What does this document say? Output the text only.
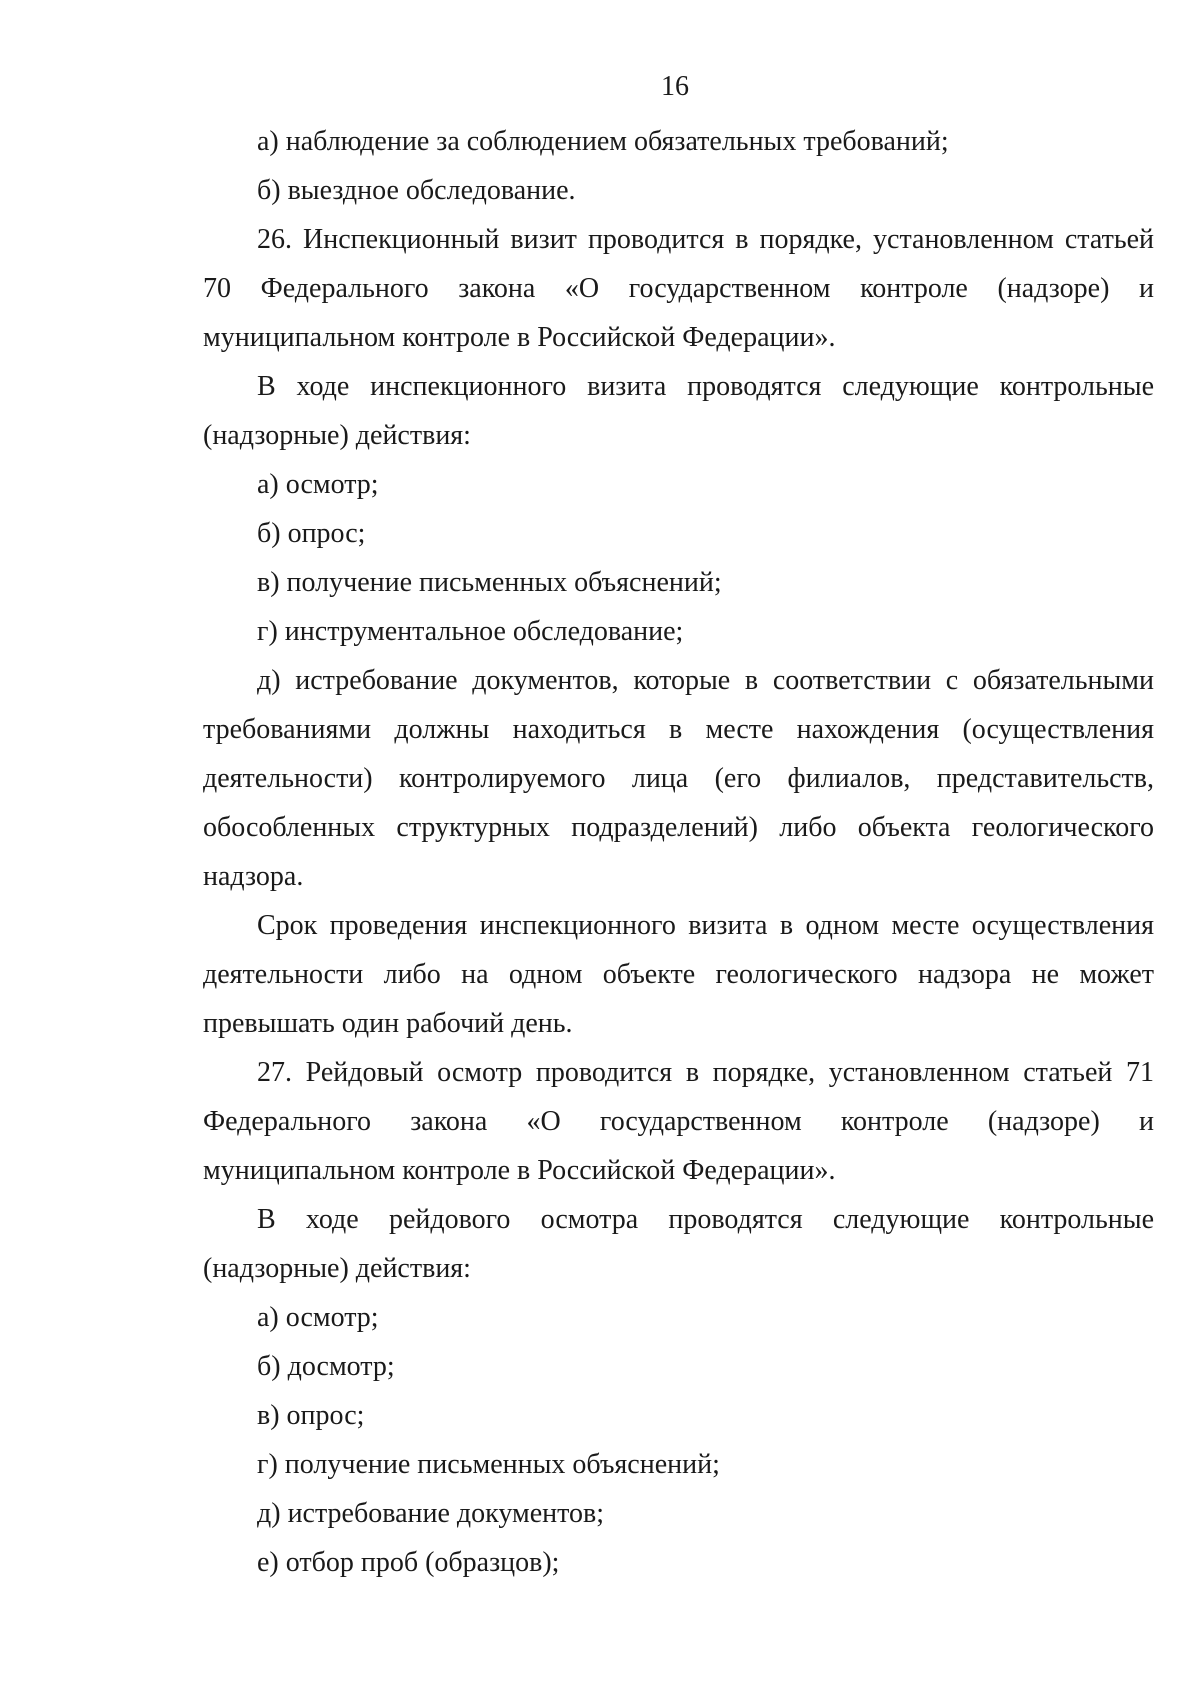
16

а) наблюдение за соблюдением обязательных требований;

б) выездное обследование.

26. Инспекционный визит проводится в порядке, установленном статьей 70 Федерального закона «О государственном контроле (надзоре) и муниципальном контроле в Российской Федерации».

В ходе инспекционного визита проводятся следующие контрольные (надзорные) действия:

а) осмотр;

б) опрос;

в) получение письменных объяснений;

г) инструментальное обследование;

д) истребование документов, которые в соответствии с обязательными требованиями должны находиться в месте нахождения (осуществления деятельности) контролируемого лица (его филиалов, представительств, обособленных структурных подразделений) либо объекта геологического надзора.

Срок проведения инспекционного визита в одном месте осуществления деятельности либо на одном объекте геологического надзора не может превышать один рабочий день.

27. Рейдовый осмотр проводится в порядке, установленном статьей 71 Федерального закона «О государственном контроле (надзоре) и муниципальном контроле в Российской Федерации».

В ходе рейдового осмотра проводятся следующие контрольные (надзорные) действия:

а) осмотр;

б) досмотр;

в) опрос;

г) получение письменных объяснений;

д) истребование документов;

е) отбор проб (образцов);
